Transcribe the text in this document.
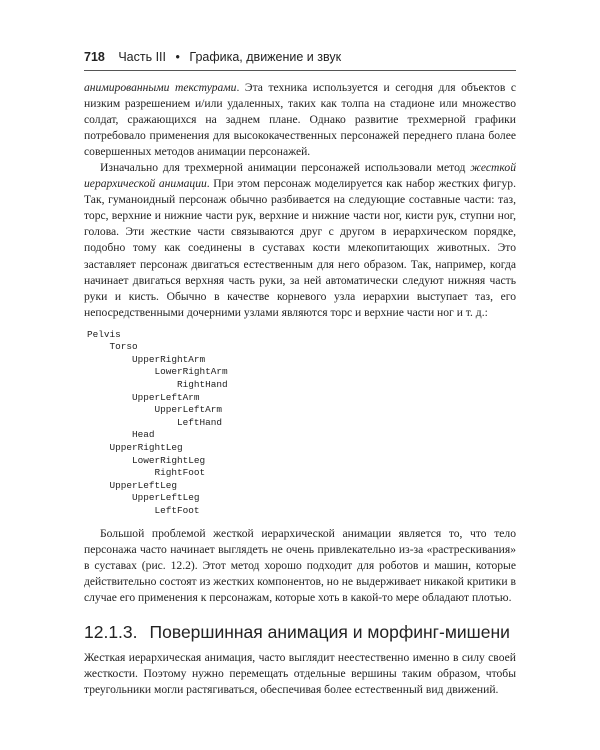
718 Часть III • Графика, движение и звук

анимированными текстурами. Эта техника используется и сегодня для объектов с низким разрешением и/или удаленных, таких как толпа на стадионе или множество солдат, сражающихся на заднем плане. Однако развитие трехмерной графики потребовало применения для высококачественных персонажей переднего плана более совершенных методов анимации персонажей.

Изначально для трехмерной анимации персонажей использовали метод жесткой иерархической анимации. При этом персонаж моделируется как набор жестких фигур. Так, гуманоидный персонаж обычно разбивается на следующие составные части: таз, торс, верхние и нижние части рук, верхние и нижние части ног, кисти рук, ступни ног, голова. Эти жесткие части связываются друг с другом в иерархическом порядке, подобно тому как соединены в суставах кости млекопитающих животных. Это заставляет персонаж двигаться естественным для него образом. Так, например, когда начинает двигаться верхняя часть руки, за ней автоматически следуют нижняя часть руки и кисть. Обычно в качестве корневого узла иерархии выступает таз, его непосредственными дочерними узлами являются торс и верхние части ног и т. д.:

Pelvis
Torso
UpperRightArm
LowerRightArm
RightHand
UpperLeftArm
UpperLeftArm
LeftHand
Head
UpperRightLeg
LowerRightLeg
RightFoot
UpperLeftLeg
UpperLeftLeg
LeftFoot

Большой проблемой жесткой иерархической анимации является то, что тело персонажа часто начинает выглядеть не очень привлекательно из-за «растрескивания» в суставах (рис. 12.2). Этот метод хорошо подходит для роботов и машин, которые действительно состоят из жестких компонентов, но не выдерживает никакой критики в случае его применения к персонажам, которые хоть в какой-то мере обладают плотью.

12.1.3. Повершинная анимация и морфинг-мишени

Жесткая иерархическая анимация, часто выглядит неестественно именно в силу своей жесткости. Поэтому нужно перемещать отдельные вершины таким образом, чтобы треугольники могли растягиваться, обеспечивая более естественный вид движений.
